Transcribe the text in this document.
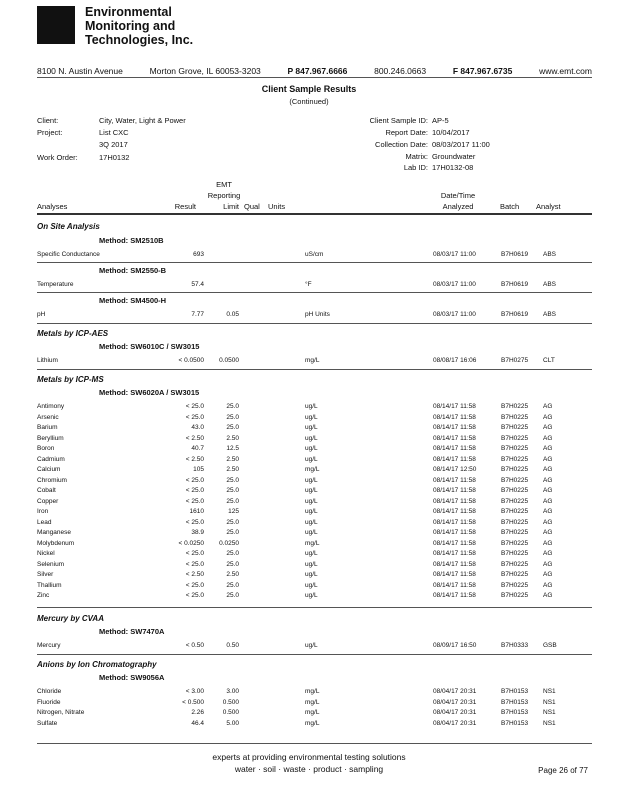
Environmental
Monitoring and
Technologies, Inc.
8100 N. Austin Avenue	Morton Grove, IL 60053-3203	P 847.967.6666	800.246.0663	F 847.967.6735	www.emt.com
Client Sample Results
(Continued)
Client:	City, Water, Light & Power
Project:	List CXC
3Q 2017
Work Order:	17H0132
Client Sample ID: AP-5
Report Date: 10/04/2017
Collection Date: 08/03/2017 11:00
Matrix: Groundwater
Lab ID: 17H0132-08
EMT
Reporting
Analyses	Result	Limit Qual Units
Date/Time
Analyzed	Batch Analyst
On Site Analysis
Method: SM2510B
Specific Conductance	693	uS/cm	08/03/17 11:00	B7H0619 ABS
Method: SM2550-B
Temperature	57.4	°F	08/03/17 11:00	B7H0619 ABS
Method: SM4500-H
pH	7.77	0.05	pH Units	08/03/17 11:00	B7H0619 ABS
Metals by ICP-AES
Method: SW6010C / SW3015
Lithium	< 0.0500	0.0500	mg/L	08/08/17 16:06	B7H0275 CLT
Metals by ICP-MS
Method: SW6020A / SW3015
Antimony	< 25.0	25.0	ug/L	08/14/17 11:58	B7H0225 AG
Arsenic	< 25.0	25.0	ug/L	08/14/17 11:58	B7H0225 AG
Barium	43.0	25.0	ug/L	08/14/17 11:58	B7H0225 AG
Beryllium	< 2.50	2.50	ug/L	08/14/17 11:58	B7H0225 AG
Boron	40.7	12.5	ug/L	08/14/17 11:58	B7H0225 AG
Cadmium	< 2.50	2.50	ug/L	08/14/17 11:58	B7H0225 AG
Calcium	105	2.50	mg/L	08/14/17 12:50	B7H0225 AG
Chromium	< 25.0	25.0	ug/L	08/14/17 11:58	B7H0225 AG
Cobalt	< 25.0	25.0	ug/L	08/14/17 11:58	B7H0225 AG
Copper	< 25.0	25.0	ug/L	08/14/17 11:58	B7H0225 AG
Iron	1610	125	ug/L	08/14/17 11:58	B7H0225 AG
Lead	< 25.0	25.0	ug/L	08/14/17 11:58	B7H0225 AG
Manganese	38.9	25.0	ug/L	08/14/17 11:58	B7H0225 AG
Molybdenum	< 0.0250	0.0250	mg/L	08/14/17 11:58	B7H0225 AG
Nickel	< 25.0	25.0	ug/L	08/14/17 11:58	B7H0225 AG
Selenium	< 25.0	25.0	ug/L	08/14/17 11:58	B7H0225 AG
Silver	< 2.50	2.50	ug/L	08/14/17 11:58	B7H0225 AG
Thallium	< 25.0	25.0	ug/L	08/14/17 11:58	B7H0225 AG
Zinc	< 25.0	25.0	ug/L	08/14/17 11:58	B7H0225 AG
Mercury by CVAA
Method: SW7470A
Mercury	< 0.50	0.50	ug/L	08/09/17 16:50	B7H0333 GSB
Anions by Ion Chromatography
Method: SW9056A
Chloride	< 3.00	3.00	mg/L	08/04/17 20:31	B7H0153 NS1
Fluoride	< 0.500	0.500	mg/L	08/04/17 20:31	B7H0153 NS1
Nitrogen, Nitrate	2.26	0.500	mg/L	08/04/17 20:31	B7H0153 NS1
Sulfate	46.4	5.00	mg/L	08/04/17 20:31	B7H0153 NS1
experts at providing environmental testing solutions
water · soil · waste · product · sampling	Page 26 of 77
